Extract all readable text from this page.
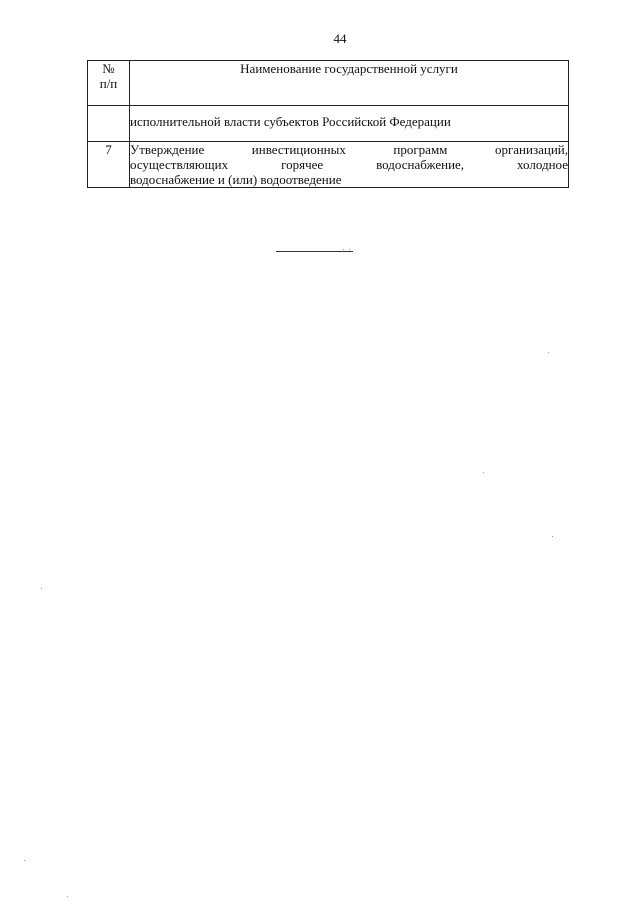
44
№
п/п	Наименование государственной услуги
	исполнительной власти субъектов Российской Федерации
7	Утверждение инвестиционных программ организаций,
осуществляющих горячее водоснабжение, холодное
водоснабжение и (или) водоотведение
